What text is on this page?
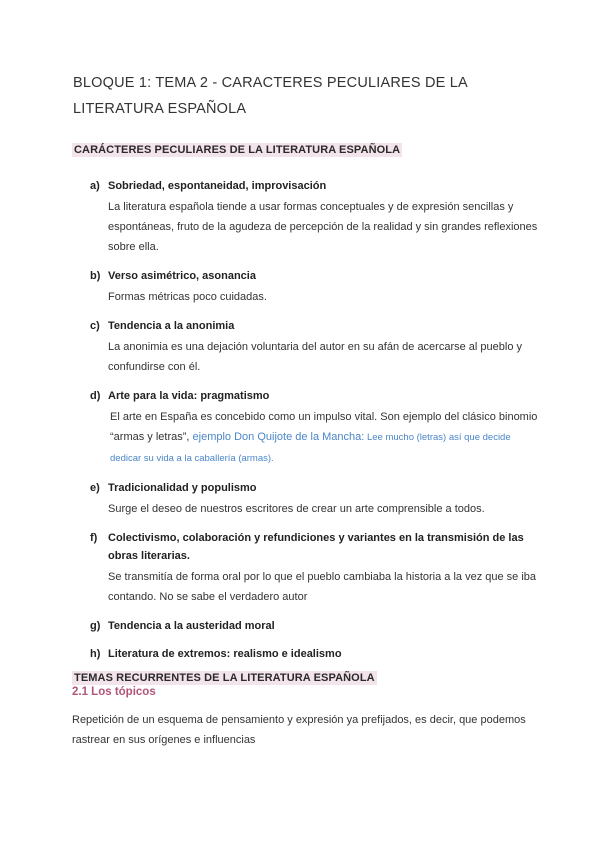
BLOQUE 1: TEMA 2 - CARACTERES PECULIARES DE LA LITERATURA ESPAÑOLA
CARÁCTERES PECULIARES DE LA LITERATURA ESPAÑOLA
a) Sobriedad, espontaneidad, improvisación
La literatura española tiende a usar formas conceptuales y de expresión sencillas y espontáneas, fruto de la agudeza de percepción de la realidad y sin grandes reflexiones sobre ella.
b) Verso asimétrico, asonancia
Formas métricas poco cuidadas.
c) Tendencia a la anonimia
La anonimia es una dejación voluntaria del autor en su afán de acercarse al pueblo y confundirse con él.
d) Arte para la vida: pragmatismo
El arte en España es concebido como un impulso vital. Son ejemplo del clásico binomio “armas y letras”, ejemplo Don Quijote de la Mancha: Lee mucho (letras) así que decide dedicar su vida a la caballería (armas).
e) Tradicionalidad y populismo
Surge el deseo de nuestros escritores de crear un arte comprensible a todos.
f) Colectivismo, colaboración y refundiciones y variantes en la transmisión de las obras literarias.
Se transmitía de forma oral por lo que el pueblo cambiaba la historia a la vez que se iba contando. No se sabe el verdadero autor
g) Tendencia a la austeridad moral
h) Literatura de extremos: realismo e idealismo
TEMAS RECURRENTES DE LA LITERATURA ESPAÑOLA
2.1 Los tópicos
Repetición de un esquema de pensamiento y expresión ya prefijados, es decir, que podemos rastrear en sus orígenes e influencias
